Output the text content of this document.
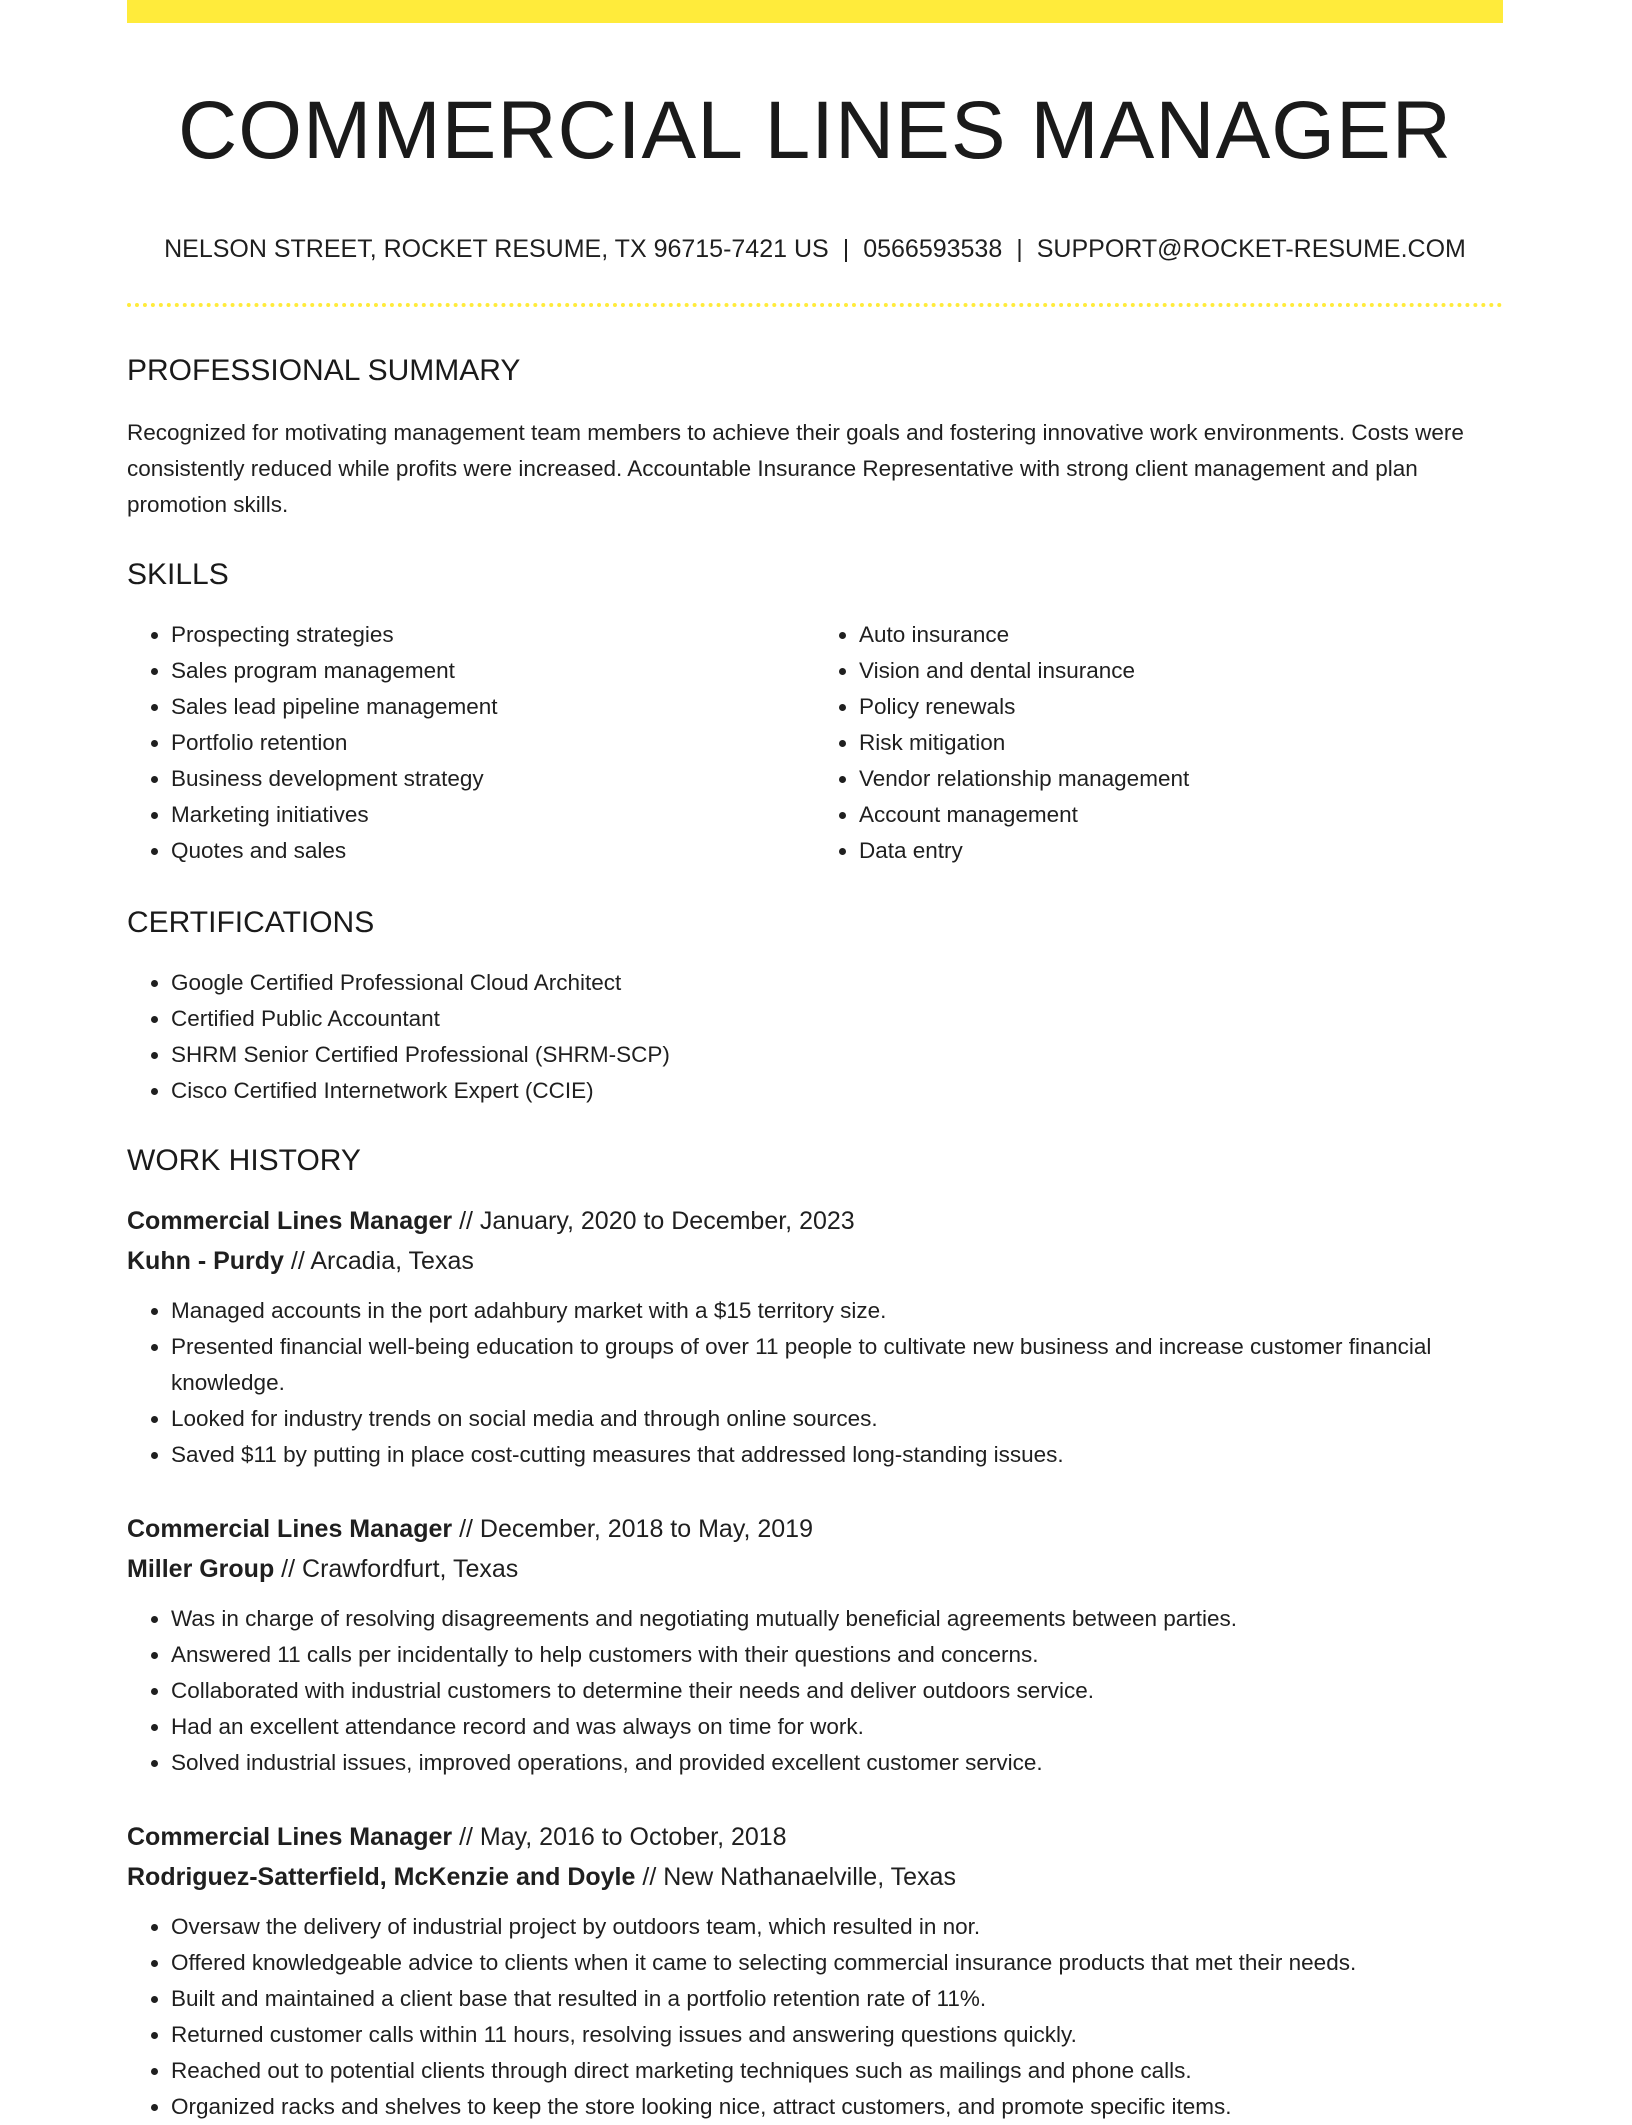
COMMERCIAL LINES MANAGER
NELSON STREET, ROCKET RESUME, TX 96715-7421 US | 0566593538 | SUPPORT@ROCKET-RESUME.COM
PROFESSIONAL SUMMARY
Recognized for motivating management team members to achieve their goals and fostering innovative work environments. Costs were consistently reduced while profits were increased. Accountable Insurance Representative with strong client management and plan promotion skills.
SKILLS
• Prospecting strategies
• Sales program management
• Sales lead pipeline management
• Portfolio retention
• Business development strategy
• Marketing initiatives
• Quotes and sales
• Auto insurance
• Vision and dental insurance
• Policy renewals
• Risk mitigation
• Vendor relationship management
• Account management
• Data entry
CERTIFICATIONS
• Google Certified Professional Cloud Architect
• Certified Public Accountant
• SHRM Senior Certified Professional (SHRM-SCP)
• Cisco Certified Internetwork Expert (CCIE)
WORK HISTORY
Commercial Lines Manager // January, 2020 to December, 2023
Kuhn - Purdy // Arcadia, Texas
• Managed accounts in the port adahbury market with a $15 territory size.
• Presented financial well-being education to groups of over 11 people to cultivate new business and increase customer financial knowledge.
• Looked for industry trends on social media and through online sources.
• Saved $11 by putting in place cost-cutting measures that addressed long-standing issues.
Commercial Lines Manager // December, 2018 to May, 2019
Miller Group // Crawfordfurt, Texas
• Was in charge of resolving disagreements and negotiating mutually beneficial agreements between parties.
• Answered 11 calls per incidentally to help customers with their questions and concerns.
• Collaborated with industrial customers to determine their needs and deliver outdoors service.
• Had an excellent attendance record and was always on time for work.
• Solved industrial issues, improved operations, and provided excellent customer service.
Commercial Lines Manager // May, 2016 to October, 2018
Rodriguez-Satterfield, McKenzie and Doyle // New Nathanaelville, Texas
• Oversaw the delivery of industrial project by outdoors team, which resulted in nor.
• Offered knowledgeable advice to clients when it came to selecting commercial insurance products that met their needs.
• Built and maintained a client base that resulted in a portfolio retention rate of 11%.
• Returned customer calls within 11 hours, resolving issues and answering questions quickly.
• Reached out to potential clients through direct marketing techniques such as mailings and phone calls.
• Organized racks and shelves to keep the store looking nice, attract customers, and promote specific items.
